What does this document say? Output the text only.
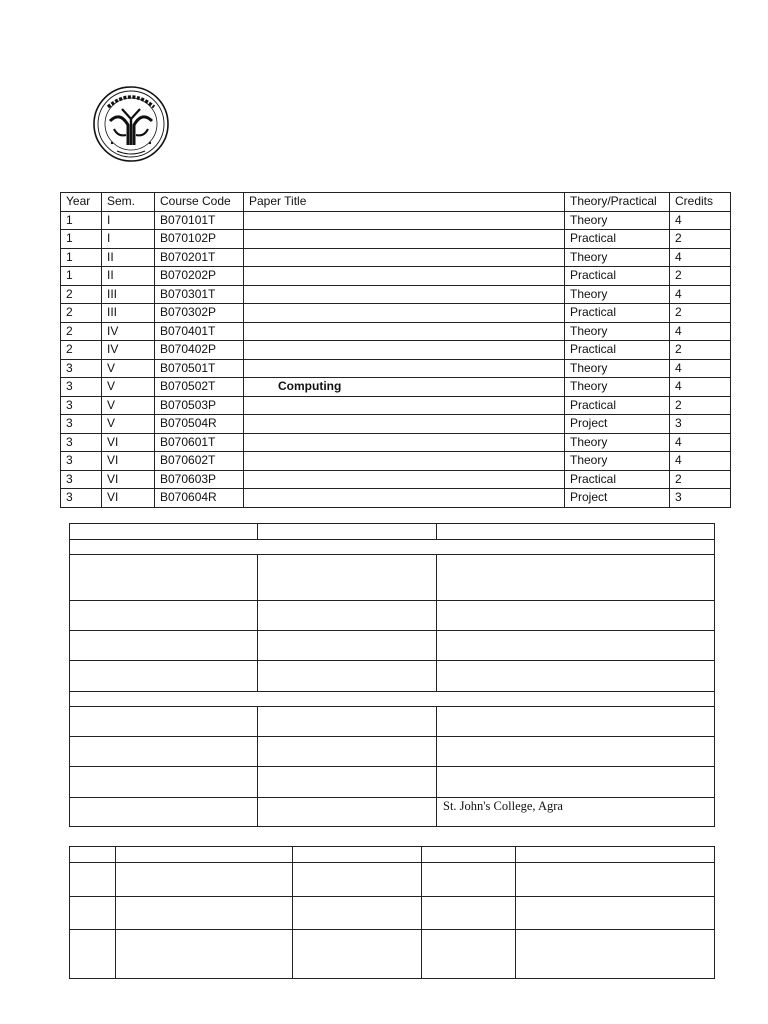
Year	Sem.	Course Code	Paper Title	Theory/Practical	Credits
1	I	B070101T		Theory	4
1	I	B070102P		Practical	2
1	II	B070201T		Theory	4
1	II	B070202P		Practical	2
2	III	B070301T		Theory	4
2	III	B070302P		Practical	2
2	IV	B070401T		Theory	4
2	IV	B070402P		Practical	2
3	V	B070501T		Theory	4
3	V	B070502T	Computing	Theory	4
3	V	B070503P		Practical	2
3	V	B070504R		Project	3
3	VI	B070601T		Theory	4
3	VI	B070602T		Theory	4
3	VI	B070603P		Practical	2
3	VI	B070604R		Project	3

		St. John's College, Agra
